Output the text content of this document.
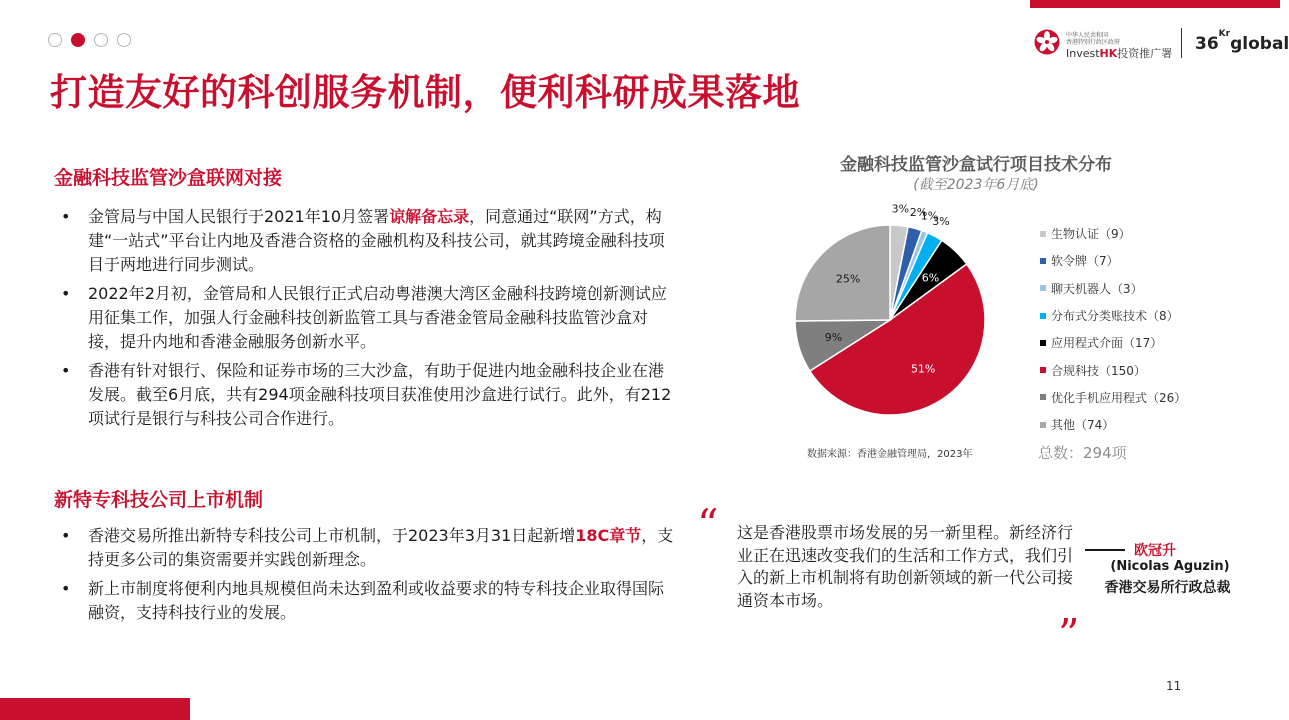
打造友好的科创服务机制，便利科研成果落地
中华人民共和国
香港特别行政区政府
InvestHK投资推广署 $36^{Kr}global$
金融科技监管沙盒联网对接
• 金管局与中国人民银行于2021年10月签署谅解备忘录，同意通过“联网”方式，构建“一站式”平台让内地及香港合资格的金融机构及科技公司，就其跨境金融科技项目于两地进行同步测试。
• 2022年2月初，金管局和人民银行正式启动粤港澳大湾区金融科技跨境创新测试应用征集工作，加强人行金融科技创新监管工具与香港金管局金融科技监管沙盒对接，提升内地和香港金融服务创新水平。
• 香港有针对银行、保险和证券市场的三大沙盒，有助于促进内地金融科技企业在港发展。截至6月底，共有294项金融科技项目获准使用沙盒进行试行。此外，有212项试行是银行与科技公司合作进行。
新特专科技公司上市机制
• 香港交易所推出新特专科技公司上市机制，于2023年3月31日起新增18C章节，支持更多公司的集资需要并实践创新理念。
• 新上市制度将便利内地具规模但尚未达到盈利或收益要求的特专科技企业取得国际融资，支持科技行业的发展。
金融科技监管沙盒试行项目技术分布
(截至2023年6月底)
3% 2%
1%
3%
6%
51%
9%
25%
生物认证（9）
软令牌（7）
聊天机器人（3）
分布式分类账技术（8）
应用程式介面（17）
合规科技（150）
优化手机应用程式（26）
其他（74）
数据来源：香港金融管理局，2023年	总数：294项
“ 这是香港股票市场发展的另一新里程。新经济行业正在迅速改变我们的生活和工作方式，我们引入的新上市机制将有助创新领域的新一代公司接通资本市场。
”
欧冠升
(Nicolas Aguzin)
香港交易所行政总裁
11
